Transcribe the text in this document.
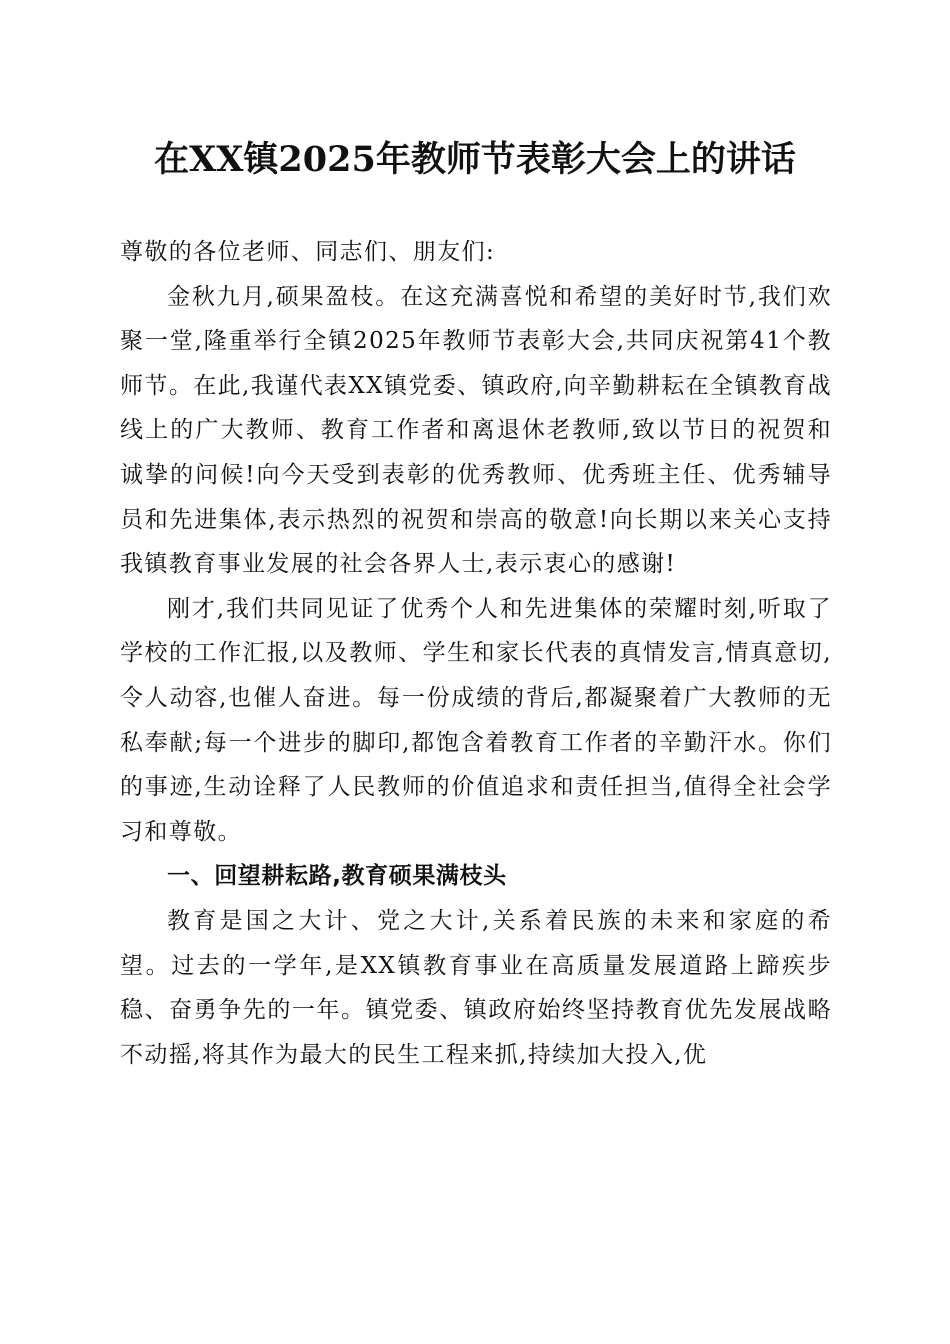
在XX镇2025年教师节表彰大会上的讲话

尊敬的各位老师、同志们、朋友们:

金秋九月,硕果盈枝。在这充满喜悦和希望的美好时节,我们欢聚一堂,隆重举行全镇2025年教师节表彰大会,共同庆祝第41个教师节。在此,我谨代表XX镇党委、镇政府,向辛勤耕耘在全镇教育战线上的广大教师、教育工作者和离退休老教师,致以节日的祝贺和诚挚的问候!向今天受到表彰的优秀教师、优秀班主任、优秀辅导员和先进集体,表示热烈的祝贺和崇高的敬意!向长期以来关心支持我镇教育事业发展的社会各界人士,表示衷心的感谢!

刚才,我们共同见证了优秀个人和先进集体的荣耀时刻,听取了学校的工作汇报,以及教师、学生和家长代表的真情发言,情真意切,令人动容,也催人奋进。每一份成绩的背后,都凝聚着广大教师的无私奉献;每一个进步的脚印,都饱含着教育工作者的辛勤汗水。你们的事迹,生动诠释了人民教师的价值追求和责任担当,值得全社会学习和尊敬。

一、回望耕耘路,教育硕果满枝头

教育是国之大计、党之大计,关系着民族的未来和家庭的希望。过去的一学年,是XX镇教育事业在高质量发展道路上蹄疾步稳、奋勇争先的一年。镇党委、镇政府始终坚持教育优先发展战略不动摇,将其作为最大的民生工程来抓,持续加大投入,优
